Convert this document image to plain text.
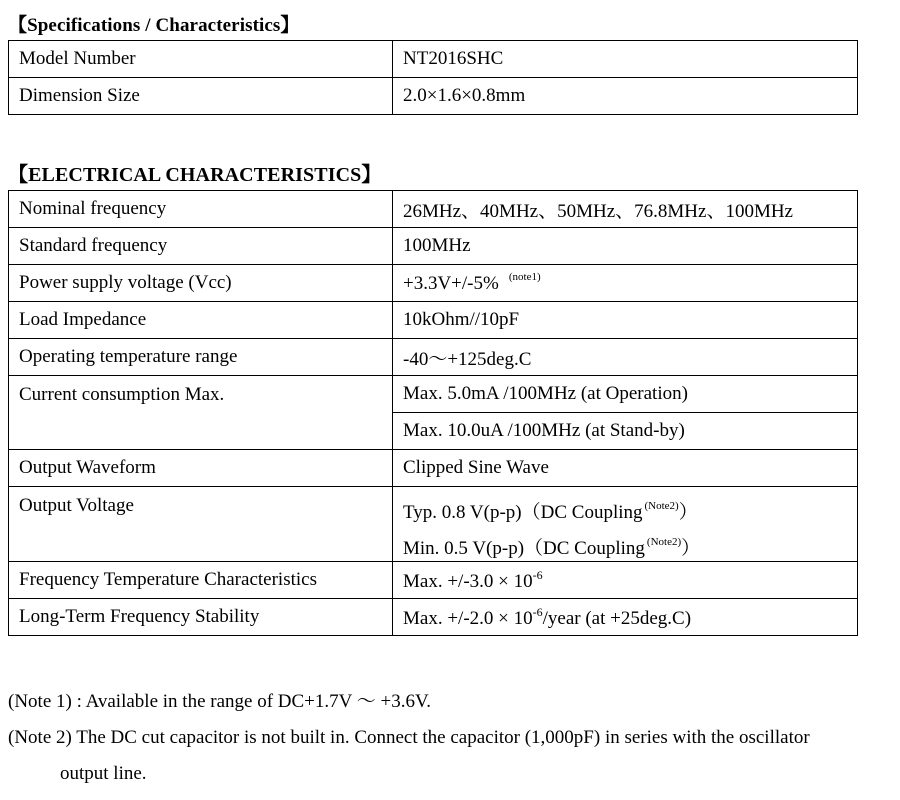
【Specifications / Characteristics】
Model Number	NT2016SHC
Dimension Size	2.0×1.6×0.8mm
【ELECTRICAL CHARACTERISTICS】
Nominal frequency	26MHz、40MHz、50MHz、76.8MHz、100MHz
Standard frequency	100MHz
Power supply voltage (Vcc)	+3.3V+/-5% $^{(note1)}$
Load Impedance	10kOhm//10pF
Operating temperature range	-40～+125deg.C
Current consumption Max.	Max. 5.0mA /100MHz (at Operation)
	Max. 10.0uA /100MHz (at Stand-by)
Output Waveform	Clipped Sine Wave
Output Voltage	Typ. 0.8 V(p-p)（DC Coupling $^{(Note2)}$）
Min. 0.5 V(p-p)（DC Coupling $^{(Note2)}$）

Frequency Temperature Characteristics	Max. $+/-3.0 \times 10^{-6}$
Long-Term Frequency Stability	Max. $+/-2.0 \times 10^{-6}$/year (at +25deg.C)
(Note 1) : Available in the range of DC+1.7V ～ +3.6V.
(Note 2) The DC cut capacitor is not built in. Connect the capacitor (1,000pF) in series with the oscillator
output line.
